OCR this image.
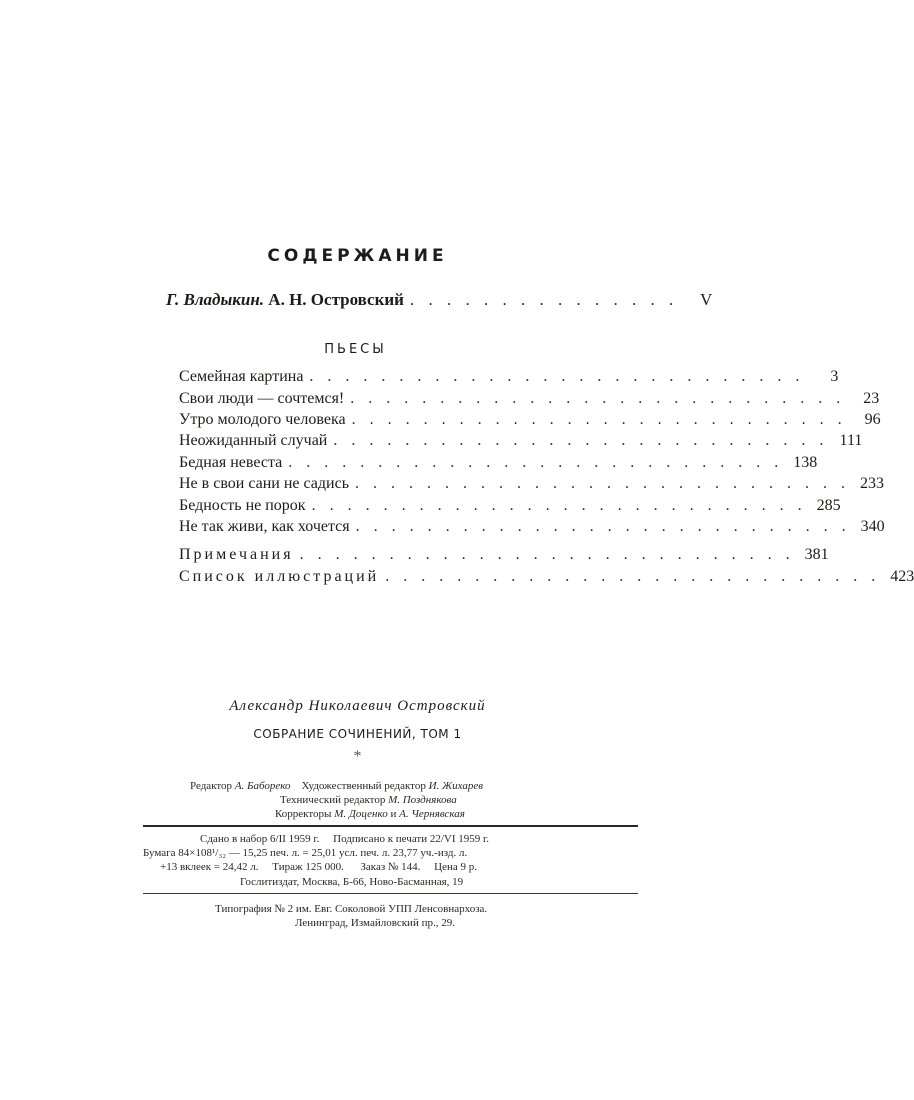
СОДЕРЖАНИЕ
Г. Владыкин. А. Н. Островский . . . . . . . . . . . . . . .	V
ПЬЕСЫ
Семейная картина . . . . . . . . . . . . . . . . . . . . . . . . . . . .	3
Свои люди — сочтемся! . . . . . . . . . . . . . . . . . . . . . . . . . . . .	23
Утро молодого человека . . . . . . . . . . . . . . . . . . . . . . . . . . . .	96
Неожиданный случай . . . . . . . . . . . . . . . . . . . . . . . . . . . . 111
Бедная невеста . . . . . . . . . . . . . . . . . . . . . . . . . . . . 138
Не в свои сани не садись . . . . . . . . . . . . . . . . . . . . . . . . . . . . 233
Бедность не порок . . . . . . . . . . . . . . . . . . . . . . . . . . . . 285
Не так живи, как хочется . . . . . . . . . . . . . . . . . . . . . . . . . . . . 340
Примечания . . . . . . . . . . . . . . . . . . . . . . . . . . . . 381
Список иллюстраций . . . . . . . . . . . . . . . . . . . . . . . . . . . . 423
Александр Николаевич Островский
СОБРАНИЕ СОЧИНЕНИЙ, ТОМ 1
*
Редактор А. Бабореко Художественный редактор И. Жихарев
Технический редактор М. Позднякова
Корректоры М. Доценко и А. Чернявская
Сдано в набор 6/II 1959 г. Подписано к печати 22/VI 1959 г.
Бумага 84×108¹/₃₂ — 15,25 печ. л. = 25,01 усл. печ. л. 23,77 уч.-изд. л.
+13 вклеек = 24,42 л. Тираж 125 000. Заказ № 144. Цена 9 р.
Гослитиздат, Москва, Б-66, Ново-Басманная, 19
Типография № 2 им. Евг. Соколовой УПП Ленсовнархоза.
Ленинград, Измайловский пр., 29.
